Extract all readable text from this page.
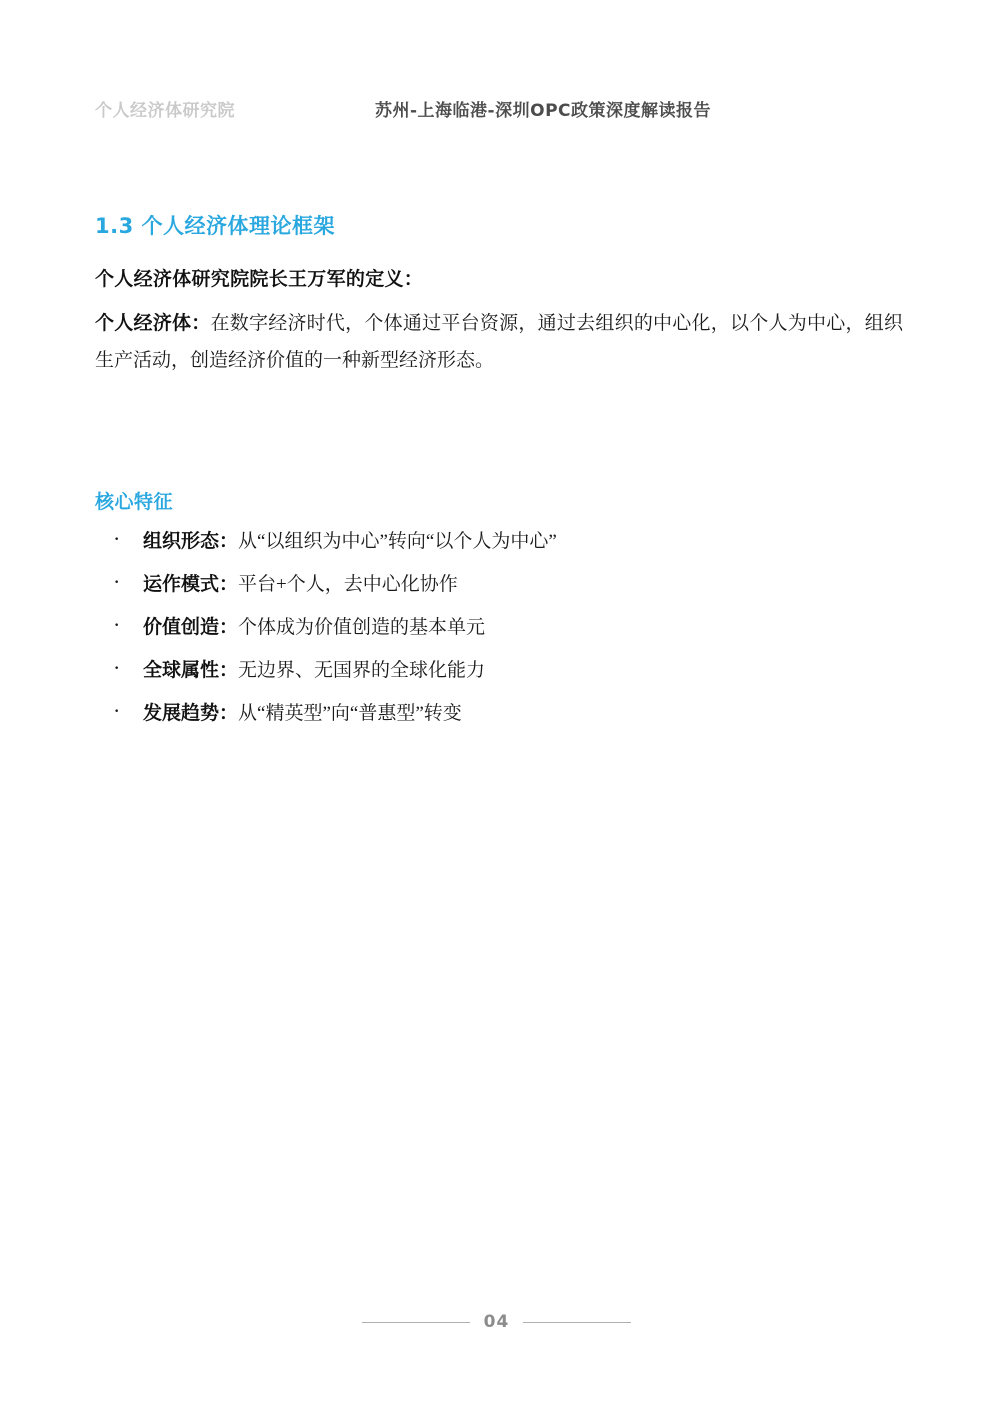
个人经济体研究院	苏州-上海临港-深圳OPC政策深度解读报告
1.3 个人经济体理论框架

个人经济体研究院院长王万军的定义：

个人经济体：在数字经济时代，个体通过平台资源，通过去组织的中心化，以个人为中心，组织生产活动，创造经济价值的一种新型经济形态。

核心特征
· 组织形态：从“以组织为中心”转向“以个人为中心”
· 运作模式：平台+个人，去中心化协作
· 价值创造：个体成为价值创造的基本单元
· 全球属性：无边界、无国界的全球化能力
· 发展趋势：从“精英型”向“普惠型”转变
04
